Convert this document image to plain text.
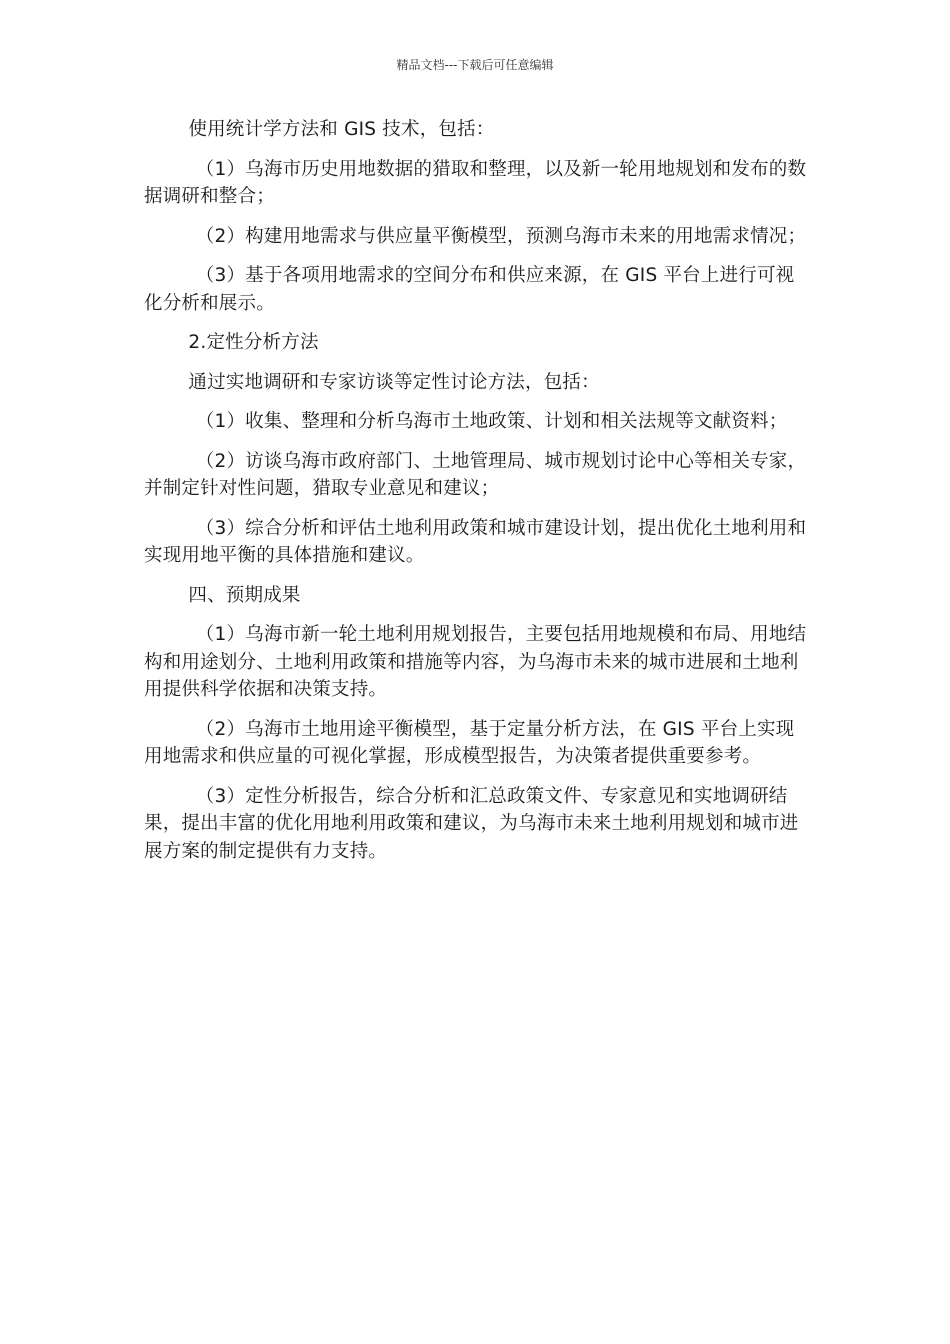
精品文档---下载后可任意编辑

使用统计学方法和 GIS 技术，包括：

（1）乌海市历史用地数据的猎取和整理，以及新一轮用地规划和发布的数据调研和整合；

（2）构建用地需求与供应量平衡模型，预测乌海市未来的用地需求情况；

（3）基于各项用地需求的空间分布和供应来源，在 GIS 平台上进行可视化分析和展示。

2.定性分析方法

通过实地调研和专家访谈等定性讨论方法，包括：

（1）收集、整理和分析乌海市土地政策、计划和相关法规等文献资料；

（2）访谈乌海市政府部门、土地管理局、城市规划讨论中心等相关专家，并制定针对性问题，猎取专业意见和建议；

（3）综合分析和评估土地利用政策和城市建设计划，提出优化土地利用和实现用地平衡的具体措施和建议。

四、预期成果

（1）乌海市新一轮土地利用规划报告，主要包括用地规模和布局、用地结构和用途划分、土地利用政策和措施等内容，为乌海市未来的城市进展和土地利用提供科学依据和决策支持。

（2）乌海市土地用途平衡模型，基于定量分析方法，在 GIS 平台上实现用地需求和供应量的可视化掌握，形成模型报告，为决策者提供重要参考。

（3）定性分析报告，综合分析和汇总政策文件、专家意见和实地调研结果，提出丰富的优化用地利用政策和建议，为乌海市未来土地利用规划和城市进展方案的制定提供有力支持。
